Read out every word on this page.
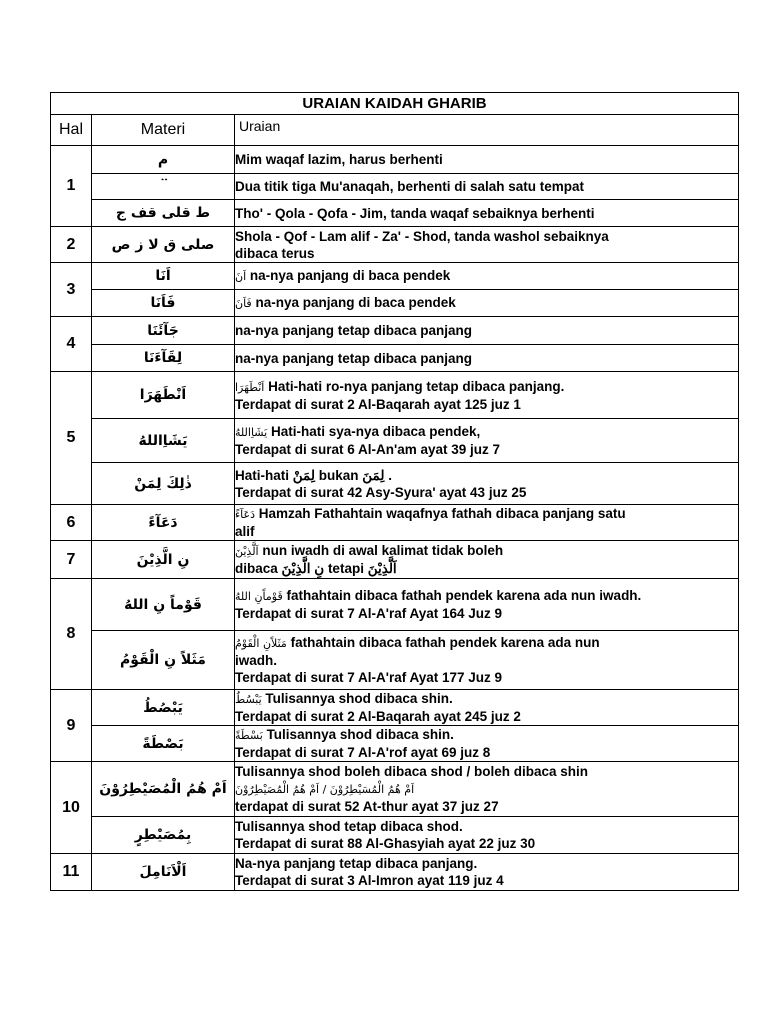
URAIAN KAIDAH GHARIB		
Hal	Materi	Uraian
1	م	Mim waqaf lazim, harus berhenti

	ۛ ۛ	Dua titik tiga Mu'anaqah, berhenti di salah satu tempat

	ط قلى قف ج	Tho' - Qola - Qofa - Jim, tanda waqaf sebaiknya berhenti

2	صلى ق لا ز ص	Shola - Qof - Lam alif - Za' - Shod, tanda washol sebaiknya
dibaca terus

3	اَنَا	اَنَ na-nya panjang di baca pendek

	فَاَنَا	فَاَنَ na-nya panjang di baca pendek

4	جَآئَنَا	na-nya panjang tetap dibaca panjang

	لِقَآءَنَا	na-nya panjang tetap dibaca panjang

5	اَنْطَهَرَا	اَنْطَهَرَا Hati-hati ro-nya panjang tetap dibaca panjang.
Terdapat di surat 2 Al-Baqarah ayat 125 juz 1

	يَشَاِاللهُ	يَشَاِاللهُ Hati-hati sya-nya dibaca pendek,
Terdapat di surat 6 Al-An'am ayat 39 juz 7

	ذٰلِكَ لِمَنْ	Hati-hati لِمَنْ bukan لِمَنَ .
Terdapat di surat 42 Asy-Syura' ayat 43 juz 25

6	دَعَآءً	دَعَآءً Hamzah Fathahtain waqafnya fathah dibaca panjang satu
alif

7	نِ الَّذِيْنَ	اَلَّذِيْنَ nun iwadh di awal kalimat tidak boleh
dibaca نِ الَّذِيْنَ tetapi اَلَّذِيْنَ

8	قَوْماً نِ اللهُ	قَوْماًنِ اللهُ fathahtain dibaca fathah pendek karena ada nun iwadh.
Terdapat di surat 7 Al-A'raf Ayat 164 Juz 9

	مَثَلاً نِ الْقَوْمُ	مَثَلاًنِ الْقَوْمُ fathahtain dibaca fathah pendek karena ada nun
iwadh.
Terdapat di surat 7 Al-A'raf Ayat 177 Juz 9

9	يَبْصُطُ	يَبْسُطُ Tulisannya shod dibaca shin.
Terdapat di surat 2 Al-Baqarah ayat 245 juz 2

	بَصْطَةً	بَسْطَةً Tulisannya shod dibaca shin.
Terdapat di surat 7 Al-A'rof ayat 69 juz 8

10	اَمْ هُمُ الْمُصَيْطِرُوْنَ	Tulisannya shod boleh dibaca shod / boleh dibaca shin
اَمْ هُمُ الْمُسَيْطِرُوْنَ / اَمْ هُمُ الْمُصَيْطِرُوْنَ
terdapat di surat 52 At-thur ayat 37 juz 27

	بِمُصَيْطِرٍ	Tulisannya shod tetap dibaca shod.
Terdapat di surat 88 Al-Ghasyiah ayat 22 juz 30

11	اَلْاَنَامِلَ	Na-nya panjang tetap dibaca panjang.
Terdapat di surat 3 Al-Imron ayat 119 juz 4
